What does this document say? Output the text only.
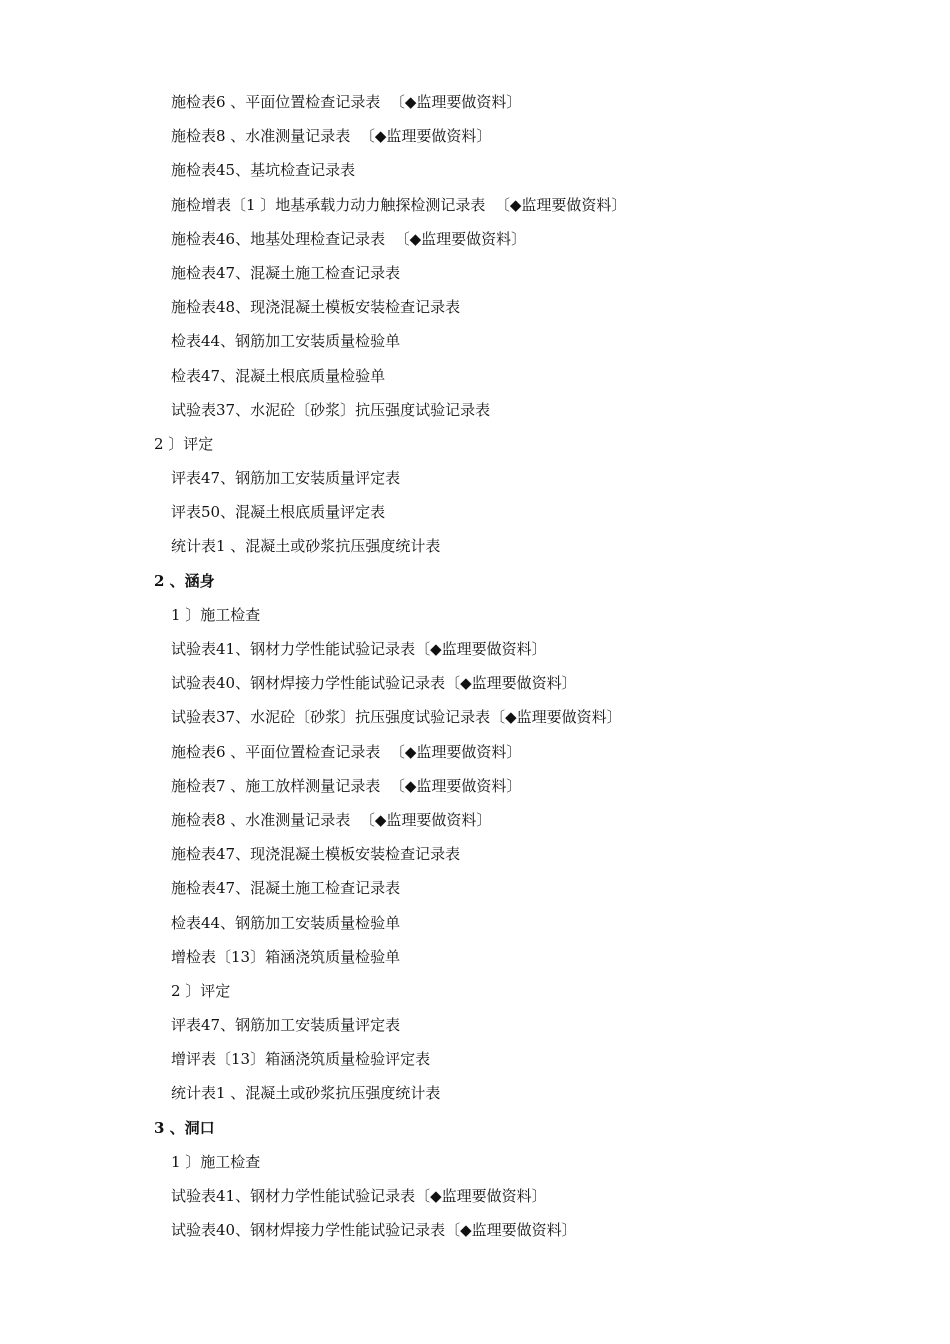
施检表6 、平面位置检查记录表  〔◆监理要做资料〕
施检表8 、水准测量记录表  〔◆监理要做资料〕
施检表45、基坑检查记录表
施检增表〔1 〕地基承载力动力触探检测记录表  〔◆监理要做资料〕
施检表46、地基处理检查记录表  〔◆监理要做资料〕
施检表47、混凝土施工检查记录表
施检表48、现浇混凝土模板安装检查记录表
检表44、钢筋加工安装质量检验单
检表47、混凝土根底质量检验单
试验表37、水泥砼〔砂浆〕抗压强度试验记录表
2 〕评定
评表47、钢筋加工安装质量评定表
评表50、混凝土根底质量评定表
统计表1 、混凝土或砂浆抗压强度统计表
2 、涵身
1 〕施工检查
试验表41、钢材力学性能试验记录表〔◆监理要做资料〕
试验表40、钢材焊接力学性能试验记录表〔◆监理要做资料〕
试验表37、水泥砼〔砂浆〕抗压强度试验记录表〔◆监理要做资料〕
施检表6 、平面位置检查记录表  〔◆监理要做资料〕
施检表7 、施工放样测量记录表  〔◆监理要做资料〕
施检表8 、水准测量记录表  〔◆监理要做资料〕
施检表47、现浇混凝土模板安装检查记录表
施检表47、混凝土施工检查记录表
检表44、钢筋加工安装质量检验单
增检表〔13〕箱涵浇筑质量检验单
2 〕评定
评表47、钢筋加工安装质量评定表
增评表〔13〕箱涵浇筑质量检验评定表
统计表1 、混凝土或砂浆抗压强度统计表
3 、洞口
1 〕施工检查
试验表41、钢材力学性能试验记录表〔◆监理要做资料〕
试验表40、钢材焊接力学性能试验记录表〔◆监理要做资料〕
